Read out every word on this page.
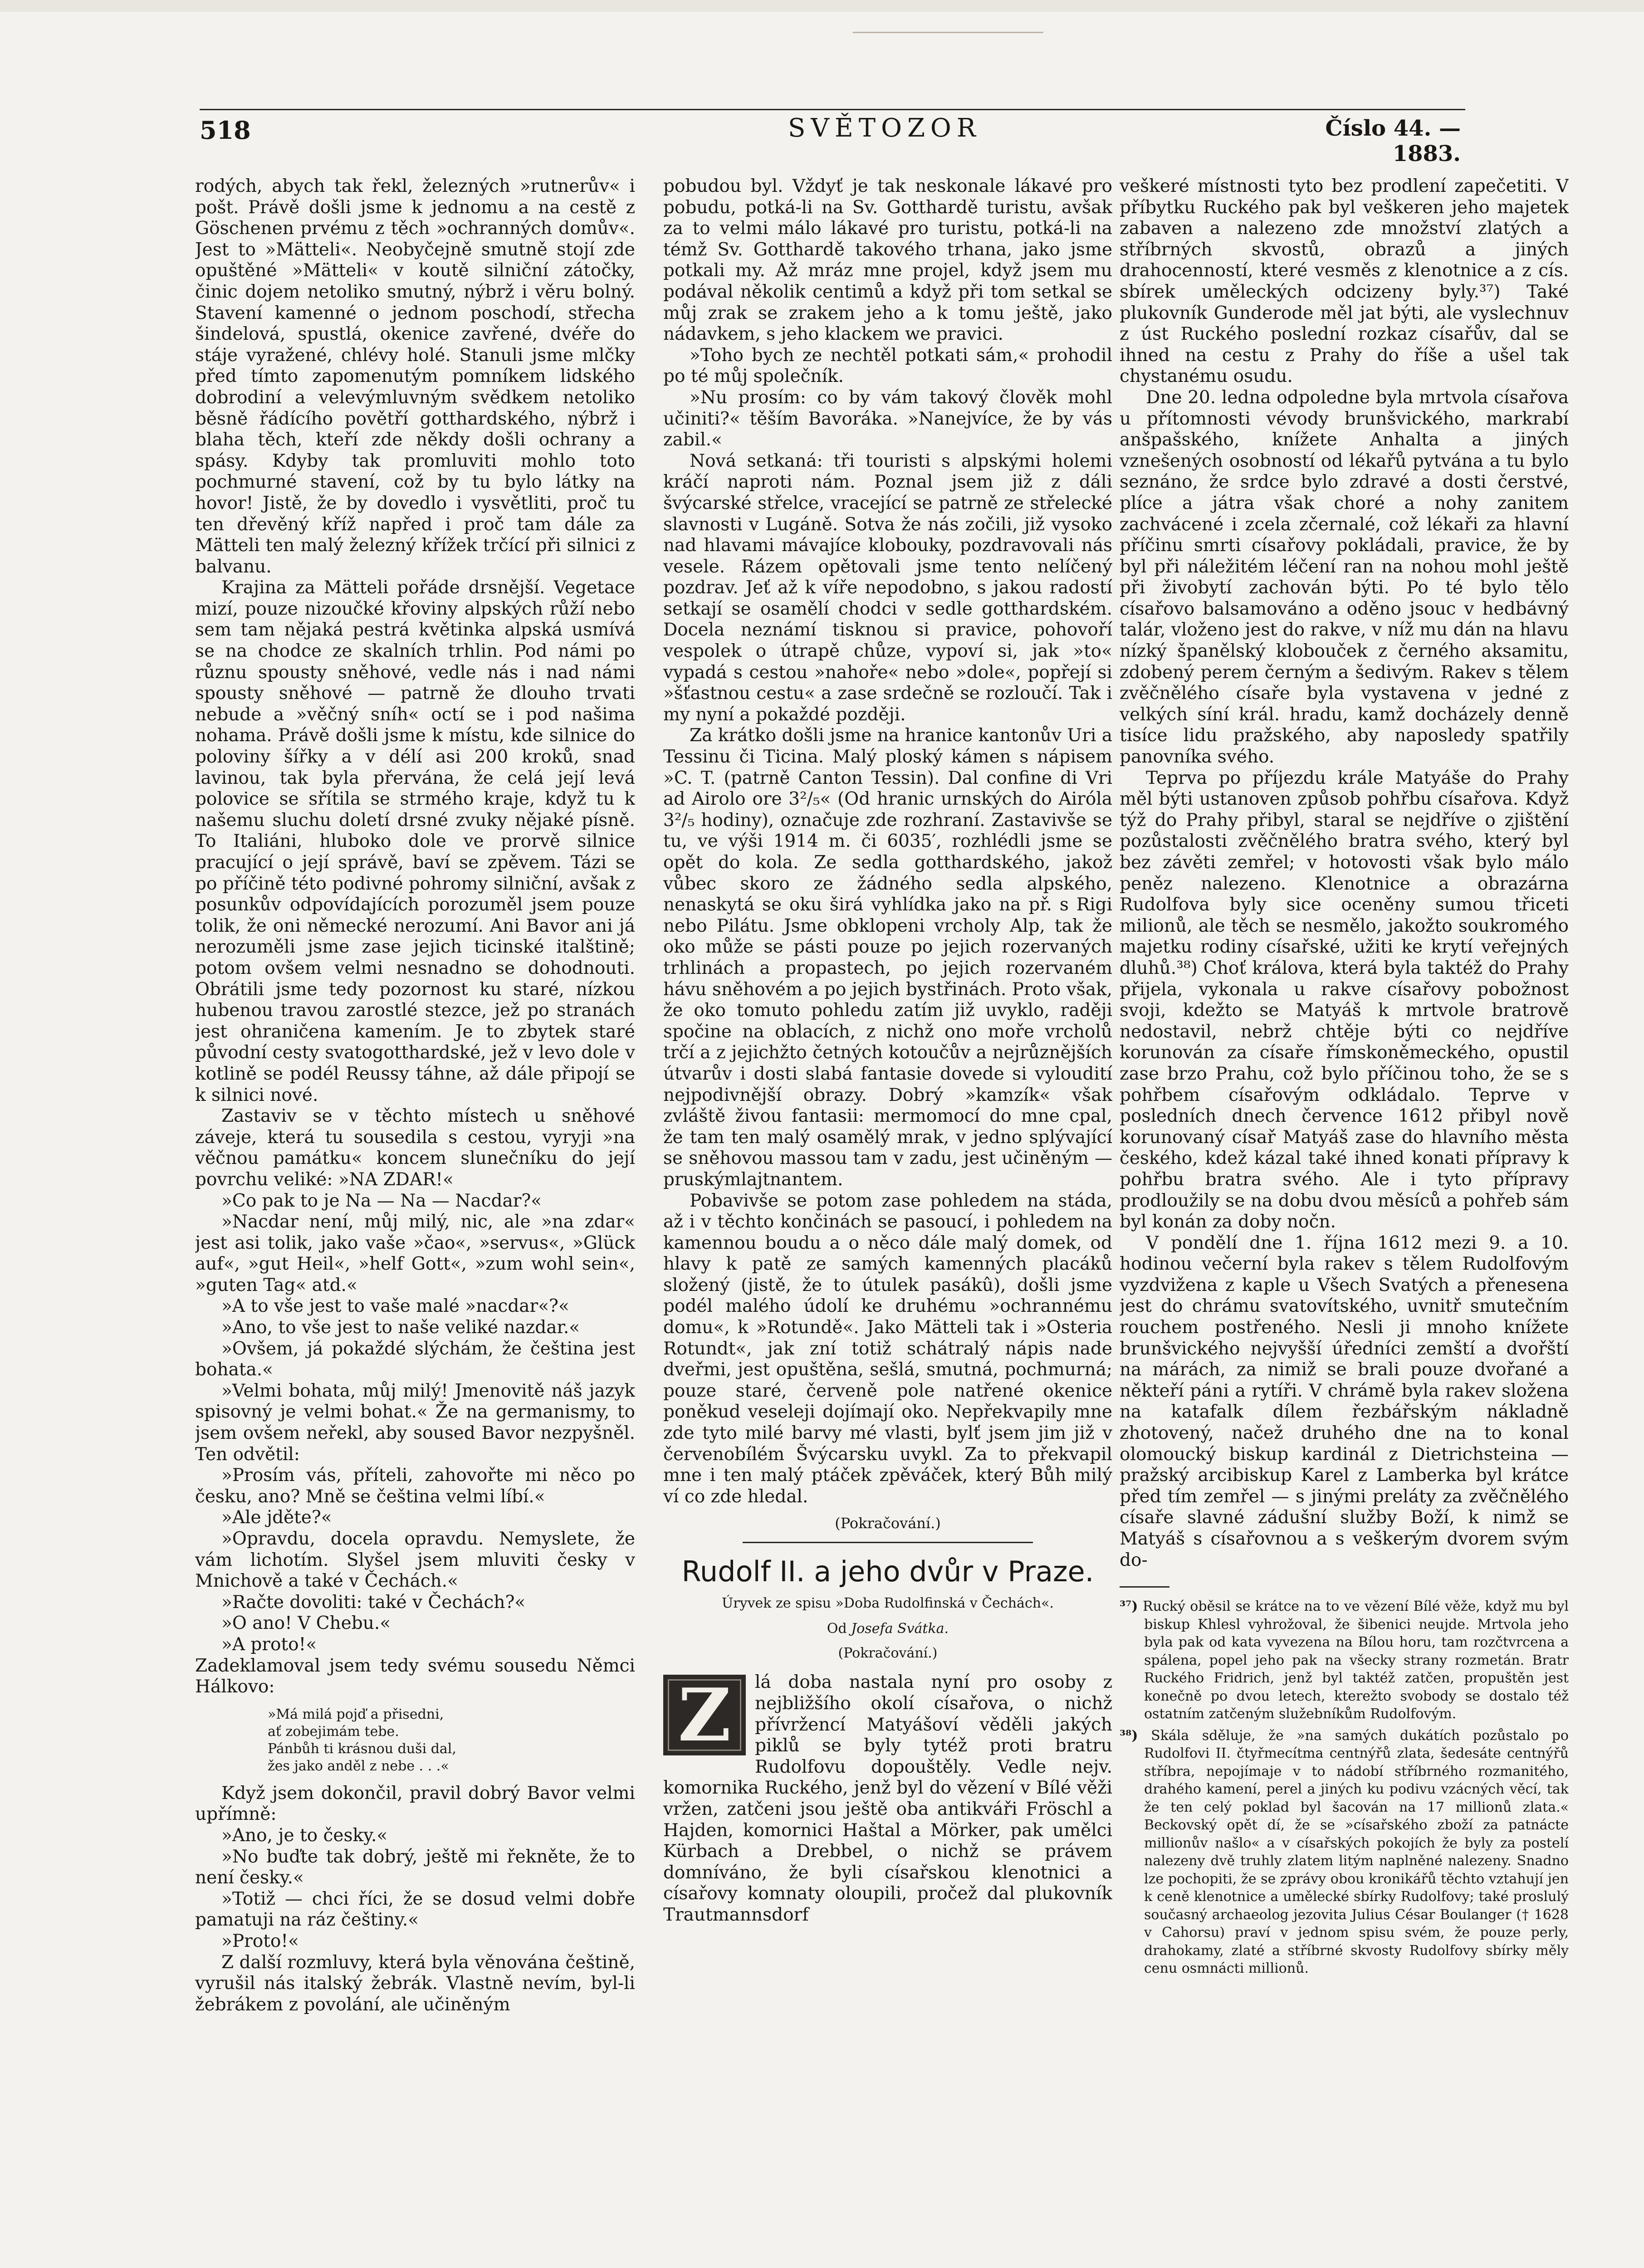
518	SVĚTOZOR	Číslo 44. — 1883.

rodých, abych tak řekl, železných »rutnerův« i pošt. Právě došli jsme k jednomu a na cestě z Göschenen prvému z těch »ochranných domův«. Jest to »Mätteli«. Neobyčejně smutně stojí zde opuštěné »Mätteli« v koutě silniční zátočky, činic dojem netoliko smutný, nýbrž i věru bolný. Stavení kamenné o jednom poschodí, střecha šindelová, spustlá, okenice zavřené, dvéře do stáje vyražené, chlévy holé. Stanuli jsme mlčky před tímto zapomenutým pomníkem lidského dobrodiní a velevýmluvným svědkem netoliko běsně řádícího povětří gotthardského, nýbrž i blaha těch, kteří zde někdy došli ochrany a spásy. Kdyby tak promluviti mohlo toto pochmurné stavení, což by tu bylo látky na hovor! Jistě, že by dovedlo i vysvětliti, proč tu ten dřevěný kříž napřed i proč tam dále za Mätteli ten malý železný křížek trčící při silnici z balvanu.

Krajina za Mätteli pořáde drsnější. Vegetace mizí, pouze nizoučké křoviny alpských růží nebo sem tam nějaká pestrá květinka alpská usmívá se na chodce ze skalních trhlin. Pod námi po různu spousty sněhové, vedle nás i nad námi spousty sněhové — patrně že dlouho trvati nebude a »věčný sníh« octí se i pod našima nohama. Právě došli jsme k místu, kde silnice do poloviny šířky a v délí asi 200 kroků, snad lavinou, tak byla přervána, že celá její levá polovice se sřítila se strmého kraje, když tu k našemu sluchu doletí drsné zvuky nějaké písně. To Italiáni, hluboko dole ve prorvě silnice pracující o její správě, baví se zpěvem. Tázi se po příčině této podivné pohromy silniční, avšak z posunkův odpovídajících porozuměl jsem pouze tolik, že oni německé nerozumí. Ani Bavor ani já nerozuměli jsme zase jejich ticinské italštině; potom ovšem velmi nesnadno se dohodnouti. Obrátili jsme tedy pozornost ku staré, nízkou hubenou travou zarostlé stezce, jež po stranách jest ohraničena kamením. Je to zbytek staré původní cesty svatogotthardské, jež v levo dole v kotlině se podél Reussy táhne, až dále připojí se k silnici nové.

Zastaviv se v těchto místech u sněhové záveje, která tu sousedila s cestou, vyryji »na věčnou památku« koncem slunečníku do její povrchu veliké: »NA ZDAR!«

»Co pak to je Na — Na — Nacdar?«

»Nacdar není, můj milý, nic, ale »na zdar« jest asi tolik, jako vaše »čao«, »servus«, »Glück auf«, »gut Heil«, »helf Gott«, »zum wohl sein«, »guten Tag« atd.«

»A to vše jest to vaše malé »nacdar«?«

»Ano, to vše jest to naše veliké nazdar.«

»Ovšem, já pokaždé slýchám, že čeština jest bohata.«

»Velmi bohata, můj milý! Jmenovitě náš jazyk spisovný je velmi bohat.« Že na germanismy, to jsem ovšem neřekl, aby soused Bavor nezpyšněl. Ten odvětil:

»Prosím vás, příteli, zahovořte mi něco po česku, ano? Mně se čeština velmi líbí.«

»Ale jděte?«

»Opravdu, docela opravdu. Nemyslete, že vám lichotím. Slyšel jsem mluviti česky v Mnichově a také v Čechách.«

»Račte dovoliti: také v Čechách?«

»O ano! V Chebu.«

»A proto!«

Zadeklamoval jsem tedy svému sousedu Němci Hálkovo:

»Má milá pojď a přisedni,
ať zobejimám tebe.
Pánbůh ti krásnou duši dal,
žes jako anděl z nebe . . .«

Když jsem dokončil, pravil dobrý Bavor velmi upřímně:

»Ano, je to česky.«

»No buďte tak dobrý, ještě mi řekněte, že to není česky.«

»Totiž — chci říci, že se dosud velmi dobře pamatuji na ráz češtiny.«

»Proto!«

Z další rozmluvy, která byla věnována češtině, vyrušil nás italský žebrák. Vlastně nevím, byl-li žebrákem z povolání, ale učiněným

pobudou byl. Vždyť je tak neskonale lákavé pro pobudu, potká-li na Sv. Gotthardě turistu, avšak za to velmi málo lákavé pro turistu, potká-li na témž Sv. Gotthardě takového trhana, jako jsme potkali my. Až mráz mne projel, když jsem mu podával několik centimů a když při tom setkal se můj zrak se zrakem jeho a k tomu ještě, jako nádavkem, s jeho klackem we pravici.

»Toho bych ze nechtěl potkati sám,« prohodil po té můj společník.

»Nu prosím: co by vám takový člověk mohl učiniti?« těším Bavoráka. »Nanejvíce, že by vás zabil.«

Nová setkaná: tři touristi s alpskými holemi kráčí naproti nám. Poznal jsem již z dáli švýcarské střelce, vracející se patrně ze střelecké slavnosti v Lugáně. Sotva že nás zočili, již vysoko nad hlavami mávajíce klobouky, pozdravovali nás vesele. Rázem opětovali jsme tento nelíčený pozdrav. Jeť až k víře nepodobno, s jakou radostí setkají se osamělí chodci v sedle gotthardském. Docela neznámí tisknou si pravice, pohovoří vespolek o útrapě chůze, vypoví si, jak »to« vypadá s cestou »nahoře« nebo »dole«, popřejí si »šťastnou cestu« a zase srdečně se rozloučí. Tak i my nyní a pokaždé později.

Za krátko došli jsme na hranice kantonův Uri a Tessinu či Ticina. Malý ploský kámen s nápisem »C. T. (patrně Canton Tessin). Dal confine di Vri ad Airolo ore 3²/₅« (Od hranic urnských do Airóla 3²/₅ hodiny), označuje zde rozhraní. Zastavivše se tu, ve výši 1914 m. či 6035′, rozhlédli jsme se opět do kola. Ze sedla gotthardského, jakož vůbec skoro ze žádného sedla alpského, nenaskytá se oku širá vyhlídka jako na př. s Rigi nebo Pilátu. Jsme obklopeni vrcholy Alp, tak že oko může se pásti pouze po jejich rozervaných trhlinách a propastech, po jejich rozervaném hávu sněhovém a po jejich bystřinách. Proto však, že oko tomuto pohledu zatím již uvyklo, raději spočine na oblacích, z nichž ono moře vrcholů trčí a z jejichžto četných kotoučův a nejrůznějších útvarův i dosti slabá fantasie dovede si vyloudití nejpodivnější obrazy. Dobrý »kamzík« však zvláště živou fantasii: mermomocí do mne cpal, že tam ten malý osamělý mrak, v jedno splývající se sněhovou massou tam v zadu, jest učiněným — pruskýmlajtnantem.

Pobavivše se potom zase pohledem na stáda, až i v těchto končinách se pasoucí, i pohledem na kamennou boudu a o něco dále malý domek, od hlavy k patě ze samých kamenných placáků složený (jistě, že to útulek pasákû), došli jsme podél malého údolí ke druhému »ochrannému domu«, k »Rotundě«. Jako Mätteli tak i »Osteria Rotundt«, jak zní totiž schátralý nápis nade dveřmi, jest opuštěna, sešlá, smutná, pochmurná; pouze staré, červeně pole natřené okenice poněkud veseleji dojímají oko. Nepřekvapily mne zde tyto milé barvy mé vlasti, bylť jsem jim již v červenobílém Švýcarsku uvykl. Za to překvapil mne i ten malý ptáček zpěváček, který Bůh milý ví co zde hledal.

(Pokračování.)
Rudolf II. a jeho dvůr v Praze.
Úryvek ze spisu »Doba Rudolfinská v Čechách«.
Od Josefa Svátka.
(Pokračování.)
Z	lá doba nastala nyní pro osoby z nejbližšího okolí císařova, o nichž přívržencí Matyášoví věděli jakých piklů se byly tytéž proti bratru Rudolfovu dopouštěly. Vedle nejv. komornika Ruckého, jenž byl do vězení v Bílé věži vržen, zatčeni jsou ještě oba antikváři Fröschl a Hajden, komornici Haštal a Mörker, pak umělci Kürbach a Drebbel, o nichž se právem domníváno, že byli císařskou klenotnici a císařovy komnaty oloupili, pročež dal plukovník Trautmannsdorf

veškeré místnosti tyto bez prodlení zapečetiti. V příbytku Ruckého pak byl veškeren jeho majetek zabaven a nalezeno zde množství zlatých a stříbrných skvostů, obrazů a jiných drahocenností, které vesměs z klenotnice a z cís. sbírek uměleckých odcizeny byly.³⁷) Také plukovník Gunderode měl jat býti, ale vyslechnuv z úst Ruckého poslední rozkaz císařův, dal se ihned na cestu z Prahy do říše a ušel tak chystanému osudu.

Dne 20. ledna odpoledne byla mrtvola císařova u přítomnosti vévody brunšvického, markrabí anšpašského, knížete Anhalta a jiných vznešených osobností od lékařů pytvána a tu bylo seznáno, že srdce bylo zdravé a dosti čerstvé, plíce a játra však choré a nohy zanitem zachvácené i zcela zčernalé, což lékaři za hlavní příčinu smrti císařovy pokládali, pravice, že by byl při náležitém léčení ran na nohou mohl ještě při živobytí zachován býti. Po té bylo tělo císařovo balsamováno a oděno jsouc v hedbávný talár, vloženo jest do rakve, v níž mu dán na hlavu nízký španělský klobouček z černého aksamitu, zdobený perem černým a šedivým. Rakev s tělem zvěčnělého císaře byla vystavena v jedné z velkých síní král. hradu, kamž docházely denně tisíce lidu pražského, aby naposledy spatřily panovníka svého.

Teprva po příjezdu krále Matyáše do Prahy měl býti ustanoven způsob pohřbu císařova. Když týž do Prahy přibyl, staral se nejdříve o zjištění pozůstalosti zvěčnělého bratra svého, který byl bez závěti zemřel; v hotovosti však bylo málo peněz nalezeno. Klenotnice a obrazárna Rudolfova byly sice oceněny sumou třiceti milionů, ale těch se nesmělo, jakožto soukromého majetku rodiny císařské, užiti ke krytí veřejných dluhů.³⁸) Choť králova, která byla taktéž do Prahy přijela, vykonala u rakve císařovy pobožnost svoji, kdežto se Matyáš k mrtvole bratrově nedostavil, nebrž chtěje býti co nejdříve korunován za císaře římskoněmeckého, opustil zase brzo Prahu, což bylo příčinou toho, že se s pohřbem císařovým odkládalo. Teprve v posledních dnech července 1612 přibyl nově korunovaný císař Matyáš zase do hlavního města českého, kdež kázal také ihned konati přípravy k pohřbu bratra svého. Ale i tyto přípravy prodloužily se na dobu dvou měsíců a pohřeb sám byl konán za doby nočn.

V pondělí dne 1. října 1612 mezi 9. a 10. hodinou večerní byla rakev s tělem Rudolfovým vyzdvižena z kaple u Všech Svatých a přenesena jest do chrámu svatovítského, uvnitř smutečním rouchem postřeného. Nesli ji mnoho knížete brunšvického nejvyšší úředníci zemští a dvořští na márách, za nimiž se brali pouze dvořané a někteří páni a rytíři. V chrámě byla rakev složena na katafalk dílem řezbářským nákladně zhotovený, načež druhého dne na to konal olomoucký biskup kardinál z Dietrichsteina — pražský arcibiskup Karel z Lamberka byl krátce před tím zemřel — s jinými preláty za zvěčnělého císaře slavné zádušní služby Boží, k nimž se Matyáš s císařovnou a s veškerým dvorem svým do-

³⁷) Rucký oběsil se krátce na to ve vězení Bílé věže, když mu byl biskup Khlesl vyhrožoval, že šibenici neujde. Mrtvola jeho byla pak od kata vyvezena na Bílou horu, tam rozčtvrcena a spálena, popel jeho pak na všecky strany rozmetán. Bratr Ruckého Fridrich, jenž byl taktéž zatčen, propuštěn jest konečně po dvou letech, kterežto svobody se dostalo též ostatním zatčeným služebníkům Rudolfovým.
³⁸) Skála sděluje, že »na samých dukátích pozůstalo po Rudolfovi II. čtyřmecítma centnýřů zlata, šedesáte centnýřů stříbra, nepojímaje v to nádobí stříbrného rozmanitého, drahého kamení, perel a jiných ku podivu vzácných věcí, tak že ten celý poklad byl šacován na 17 millionů zlata.« Beckovský opět dí, že se »císařského zboží za patnácte millionův našlo« a v císařských pokojích že byly za postelí nalezeny dvě truhly zlatem litým naplněné nalezeny. Snadno lze pochopiti, že se zprávy obou kronikářů těchto vztahují jen k ceně klenotnice a umělecké sbírky Rudolfovy; také proslulý současný archaeolog jezovita Julius César Boulanger († 1628 v Cahorsu) praví v jednom spisu svém, že pouze perly, drahokamy, zlaté a stříbrné skvosty Rudolfovy sbírky měly cenu osmnácti millionů.
